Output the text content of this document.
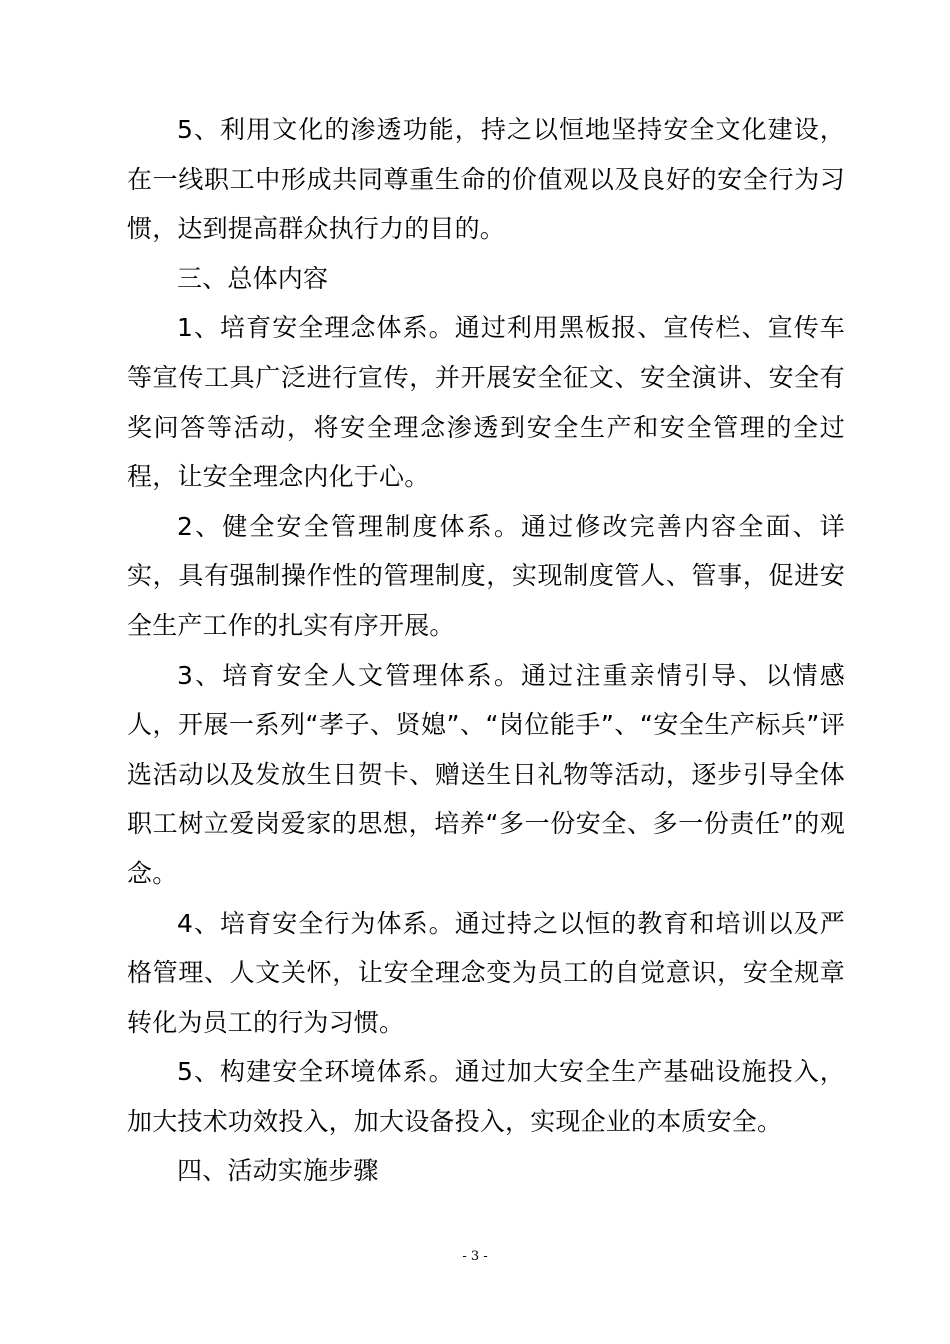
5、利用文化的渗透功能，持之以恒地坚持安全文化建设，在一线职工中形成共同尊重生命的价值观以及良好的安全行为习惯，达到提高群众执行力的目的。

三、总体内容

1、培育安全理念体系。通过利用黑板报、宣传栏、宣传车等宣传工具广泛进行宣传，并开展安全征文、安全演讲、安全有奖问答等活动，将安全理念渗透到安全生产和安全管理的全过程，让安全理念内化于心。

2、健全安全管理制度体系。通过修改完善内容全面、详实，具有强制操作性的管理制度，实现制度管人、管事，促进安全生产工作的扎实有序开展。

3、培育安全人文管理体系。通过注重亲情引导、以情感人，开展一系列“孝子、贤媳”、“岗位能手”、“安全生产标兵”评选活动以及发放生日贺卡、赠送生日礼物等活动，逐步引导全体职工树立爱岗爱家的思想，培养“多一份安全、多一份责任”的观念。

4、培育安全行为体系。通过持之以恒的教育和培训以及严格管理、人文关怀，让安全理念变为员工的自觉意识，安全规章转化为员工的行为习惯。

5、构建安全环境体系。通过加大安全生产基础设施投入，加大技术功效投入，加大设备投入，实现企业的本质安全。

四、活动实施步骤

- 3 -
